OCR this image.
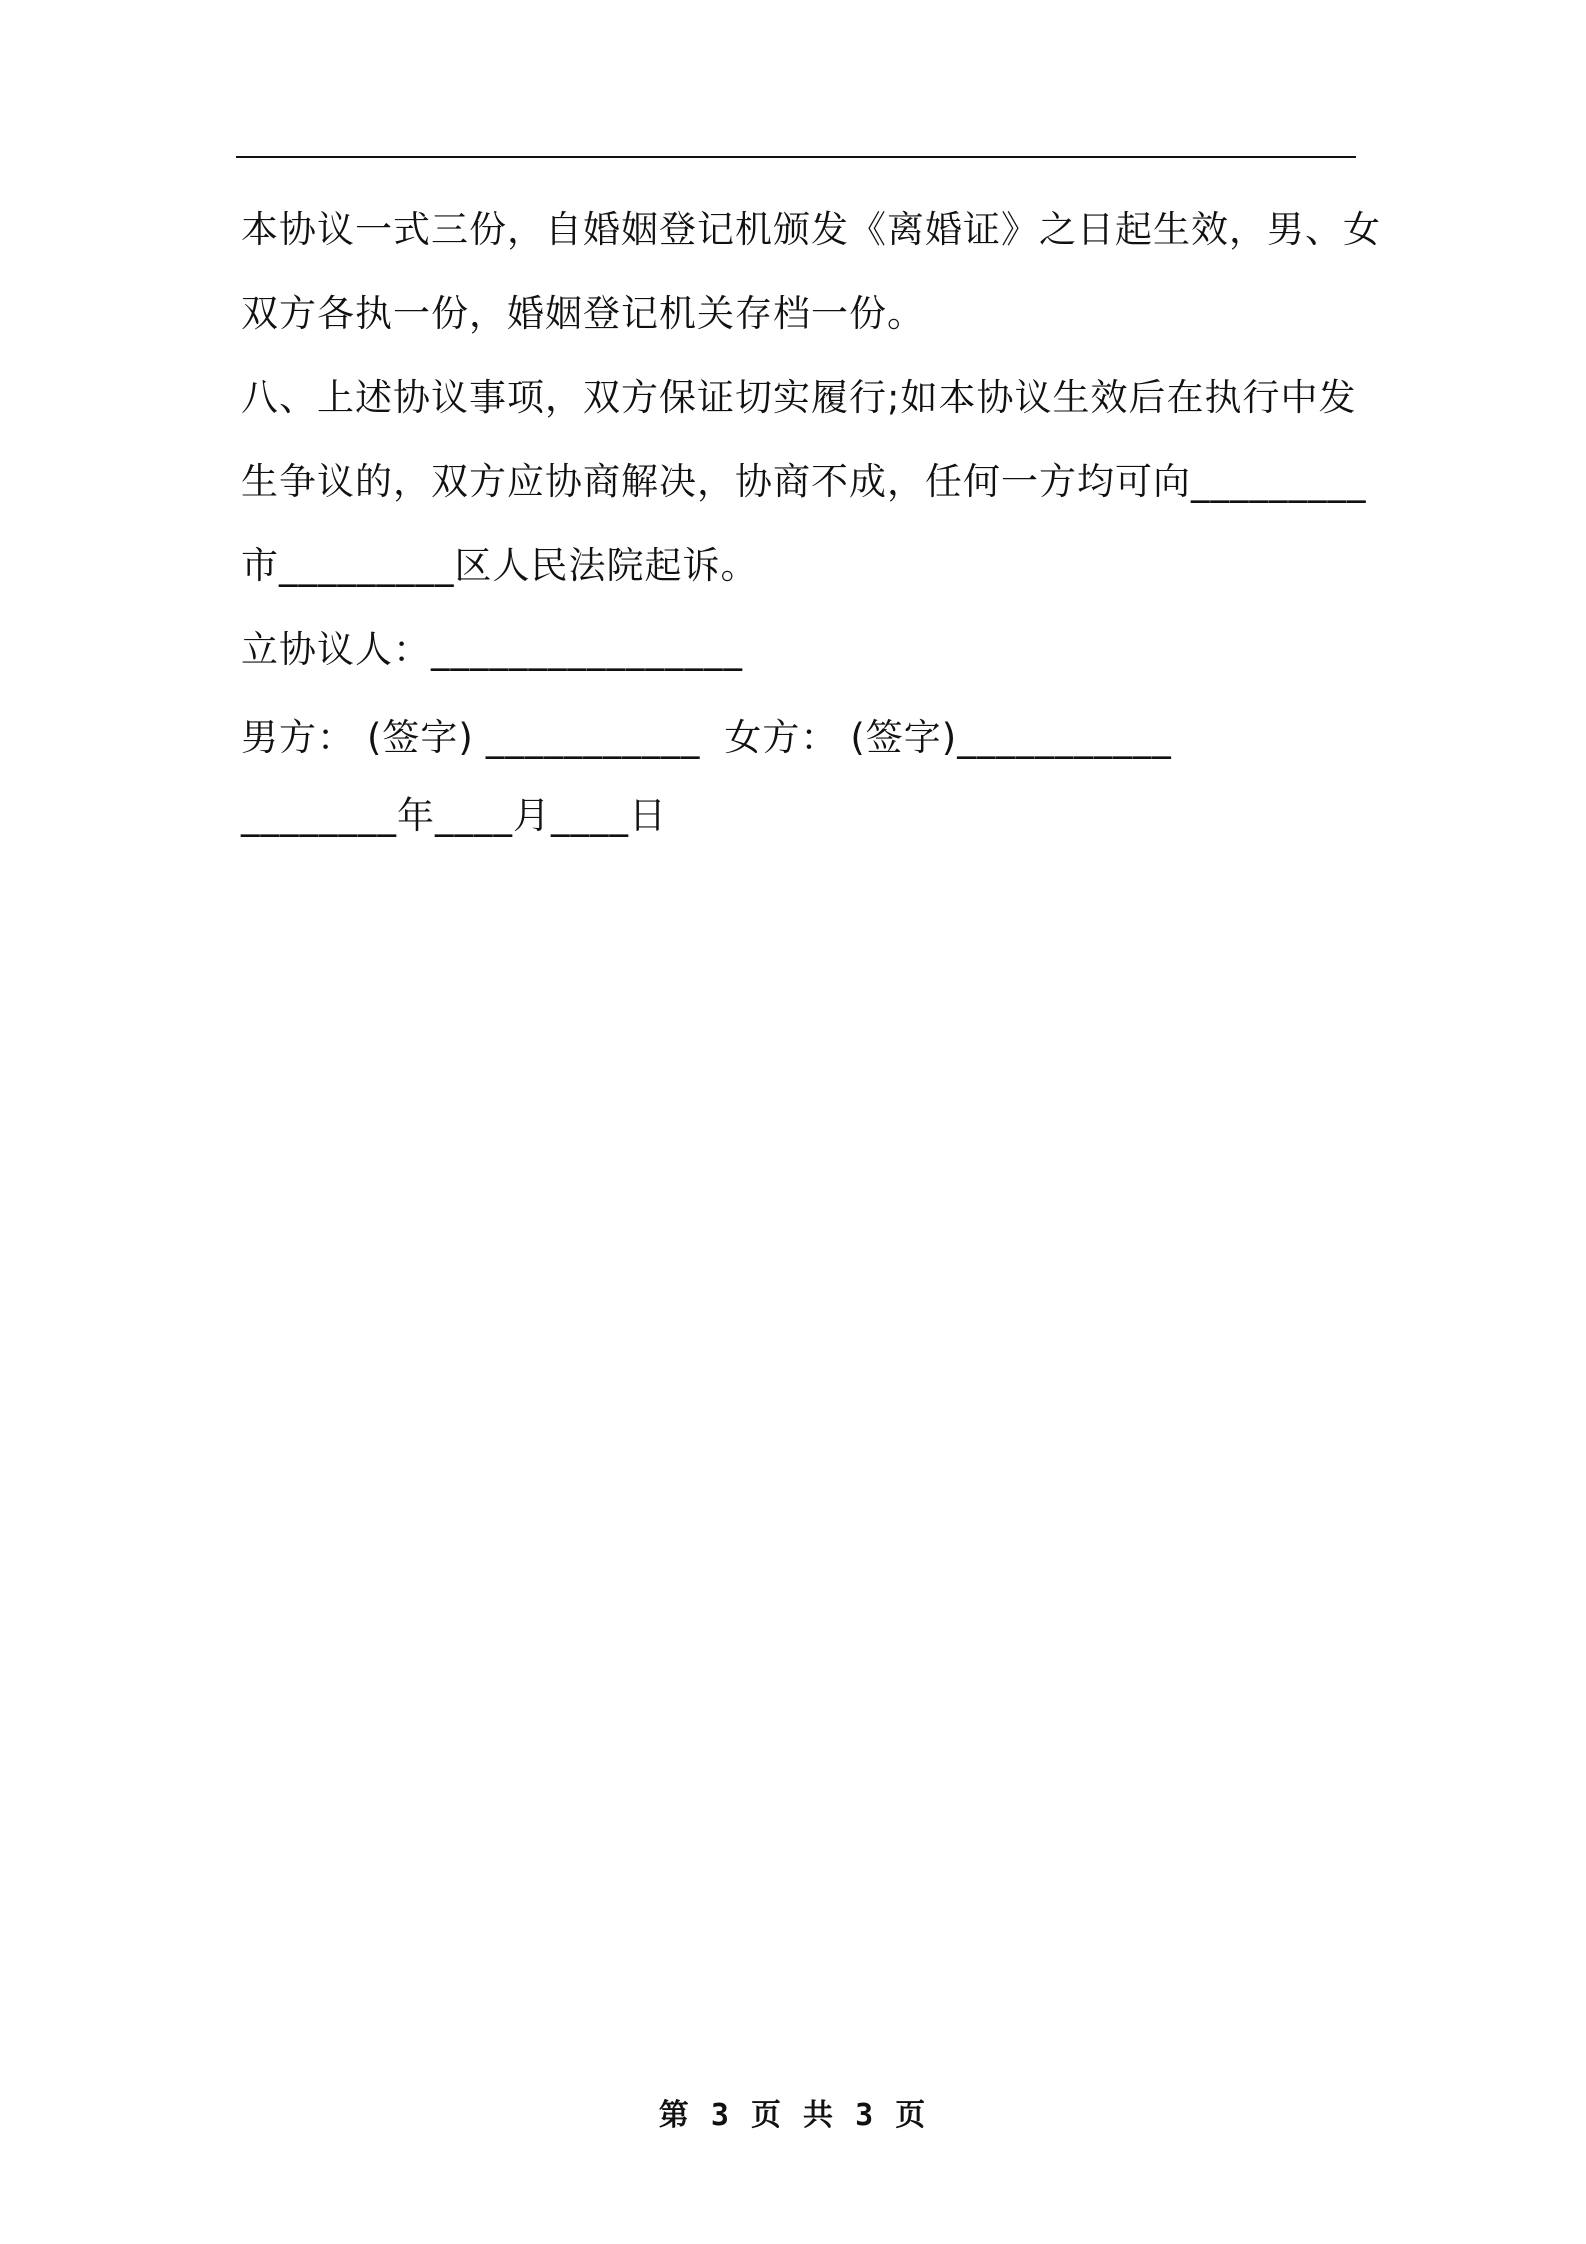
本协议一式三份，自婚姻登记机颁发《离婚证》之日起生效，男、女
双方各执一份，婚姻登记机关存档一份。
八、上述协议事项，双方保证切实履行;如本协议生效后在执行中发
生争议的，双方应协商解决，协商不成，任何一方均可向_________
市_________区人民法院起诉。
立协议人：________________
男方： (签字) ___________ 女方： (签字)___________
________年____月____日
第 3 页 共 3 页
